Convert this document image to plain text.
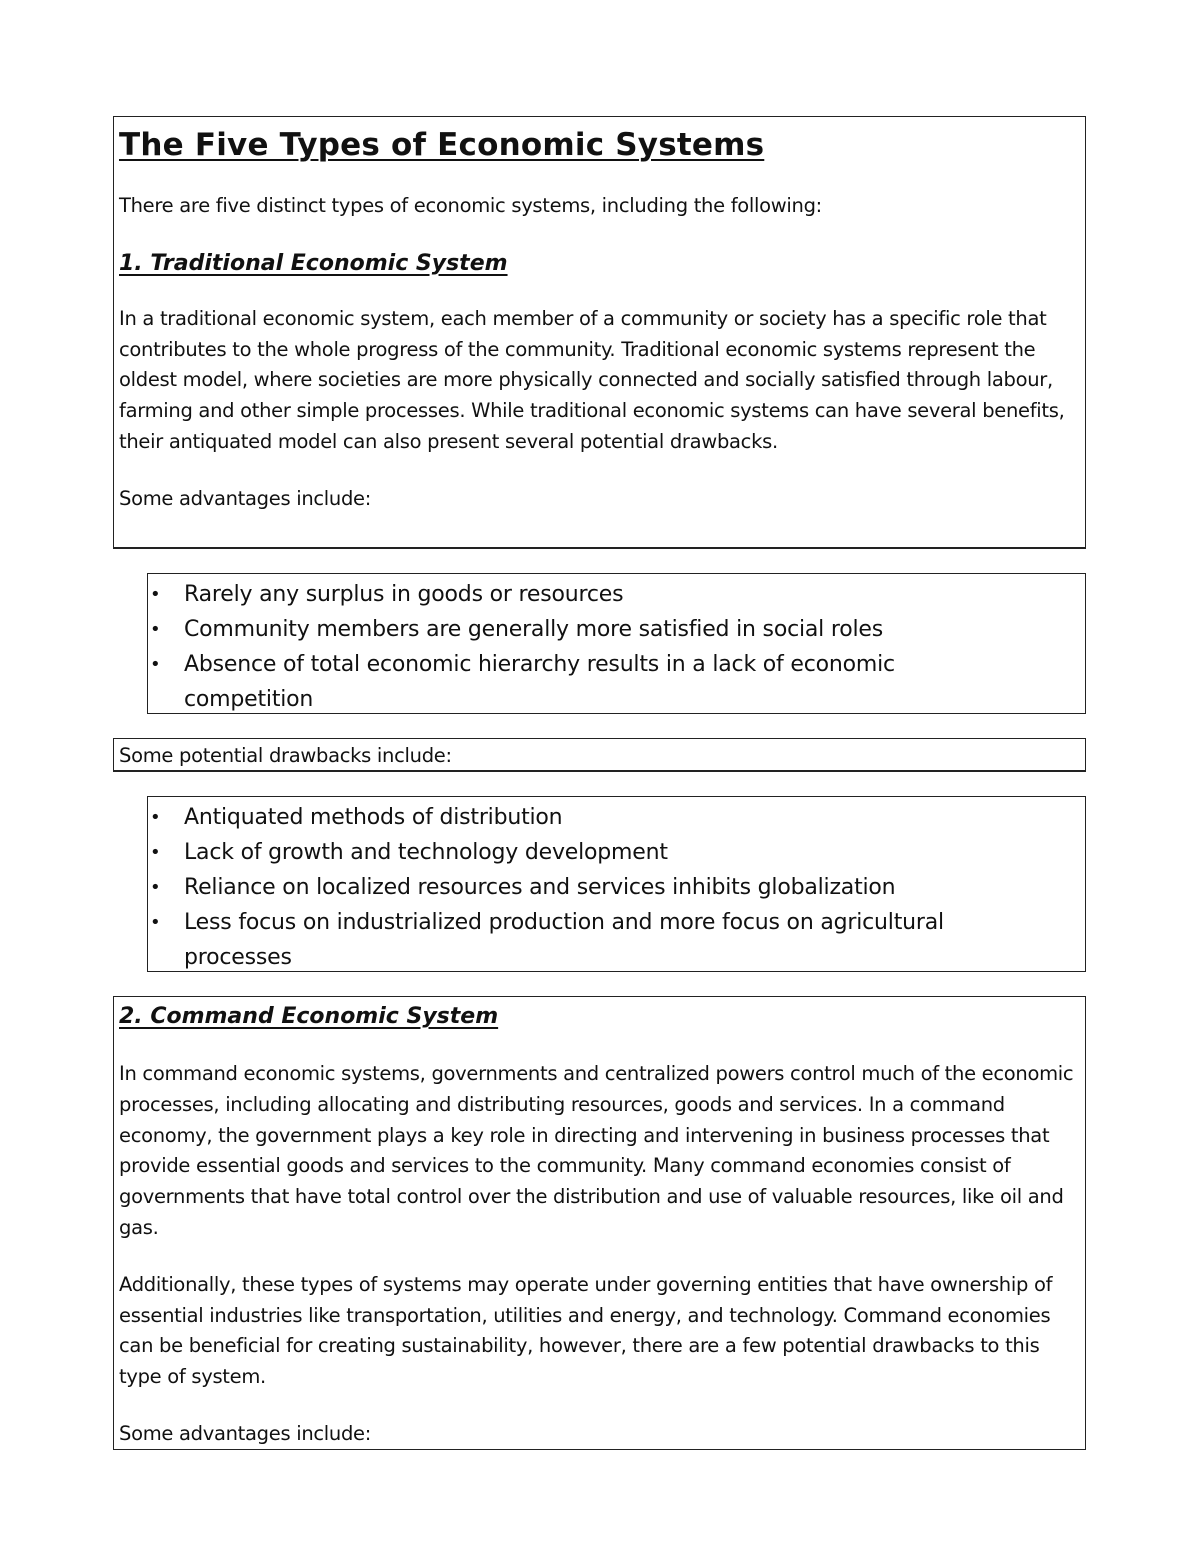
The Five Types of Economic Systems

There are five distinct types of economic systems, including the following:

1. Traditional Economic System

In a traditional economic system, each member of a community or society has a specific role that contributes to the whole progress of the community. Traditional economic systems represent the oldest model, where societies are more physically connected and socially satisfied through labour, farming and other simple processes. While traditional economic systems can have several benefits, their antiquated model can also present several potential drawbacks.

Some advantages include:

• Rarely any surplus in goods or resources
• Community members are generally more satisfied in social roles
• Absence of total economic hierarchy results in a lack of economic competition

Some potential drawbacks include:

• Antiquated methods of distribution
• Lack of growth and technology development
• Reliance on localized resources and services inhibits globalization
• Less focus on industrialized production and more focus on agricultural processes
2. Command Economic System

In command economic systems, governments and centralized powers control much of the economic processes, including allocating and distributing resources, goods and services. In a command economy, the government plays a key role in directing and intervening in business processes that provide essential goods and services to the community. Many command economies consist of governments that have total control over the distribution and use of valuable resources, like oil and gas.

Additionally, these types of systems may operate under governing entities that have ownership of essential industries like transportation, utilities and energy, and technology. Command economies can be beneficial for creating sustainability, however, there are a few potential drawbacks to this type of system.

Some advantages include:
